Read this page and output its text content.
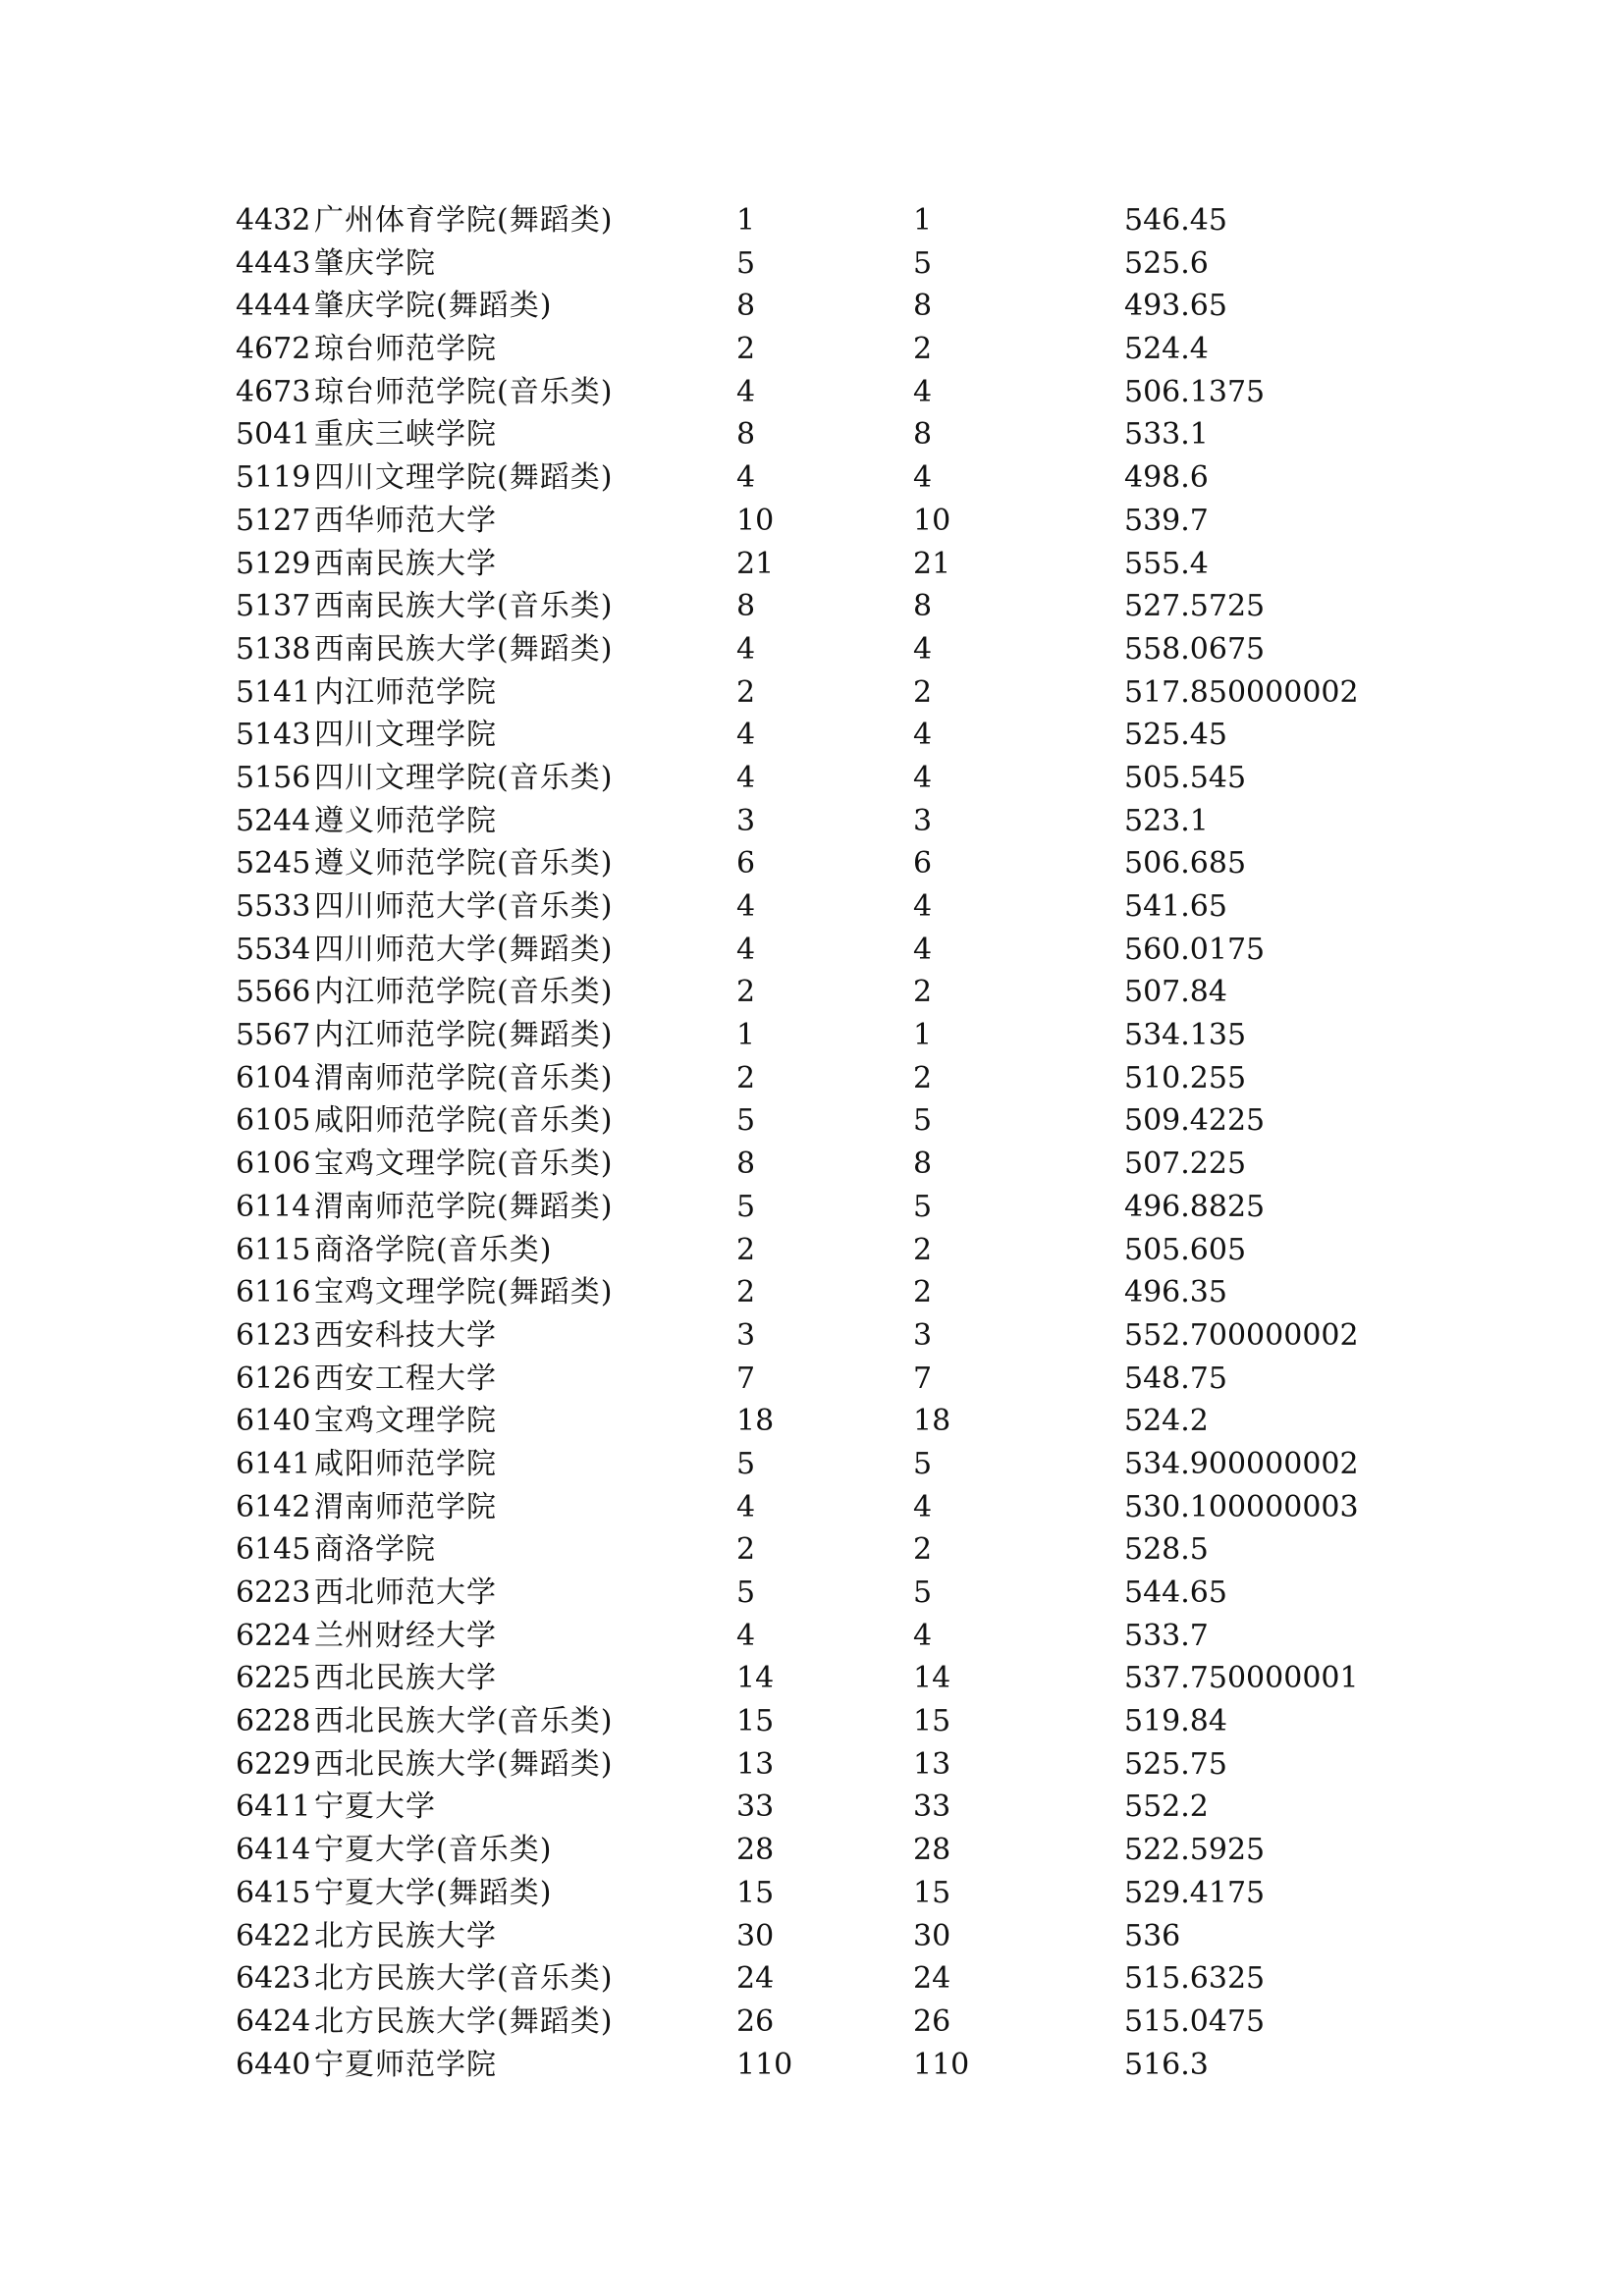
4432 广州体育学院(舞蹈类)	1	1	546.45
4443 肇庆学院	5	5	525.6
4444 肇庆学院(舞蹈类)	8	8	493.65
4672 琼台师范学院	2	2	524.4
4673 琼台师范学院(音乐类)	4	4	506.1375
5041 重庆三峡学院	8	8	533.1
5119 四川文理学院(舞蹈类)	4	4	498.6
5127 西华师范大学	10	10	539.7
5129 西南民族大学	21	21	555.4
5137 西南民族大学(音乐类)	8	8	527.5725
5138 西南民族大学(舞蹈类)	4	4	558.0675
5141 内江师范学院	2	2	517.850000002
5143 四川文理学院	4	4	525.45
5156 四川文理学院(音乐类)	4	4	505.545
5244 遵义师范学院	3	3	523.1
5245 遵义师范学院(音乐类)	6	6	506.685
5533 四川师范大学(音乐类)	4	4	541.65
5534 四川师范大学(舞蹈类)	4	4	560.0175
5566 内江师范学院(音乐类)	2	2	507.84
5567 内江师范学院(舞蹈类)	1	1	534.135
6104 渭南师范学院(音乐类)	2	2	510.255
6105 咸阳师范学院(音乐类)	5	5	509.4225
6106 宝鸡文理学院(音乐类)	8	8	507.225
6114 渭南师范学院(舞蹈类)	5	5	496.8825
6115 商洛学院(音乐类)	2	2	505.605
6116 宝鸡文理学院(舞蹈类)	2	2	496.35
6123 西安科技大学	3	3	552.700000002
6126 西安工程大学	7	7	548.75
6140 宝鸡文理学院	18	18	524.2
6141 咸阳师范学院	5	5	534.900000002
6142 渭南师范学院	4	4	530.100000003
6145 商洛学院	2	2	528.5
6223 西北师范大学	5	5	544.65
6224 兰州财经大学	4	4	533.7
6225 西北民族大学	14	14	537.750000001
6228 西北民族大学(音乐类)	15	15	519.84
6229 西北民族大学(舞蹈类)	13	13	525.75
6411 宁夏大学	33	33	552.2
6414 宁夏大学(音乐类)	28	28	522.5925
6415 宁夏大学(舞蹈类)	15	15	529.4175
6422 北方民族大学	30	30	536
6423 北方民族大学(音乐类)	24	24	515.6325
6424 北方民族大学(舞蹈类)	26	26	515.0475
6440 宁夏师范学院	110	110	516.3
